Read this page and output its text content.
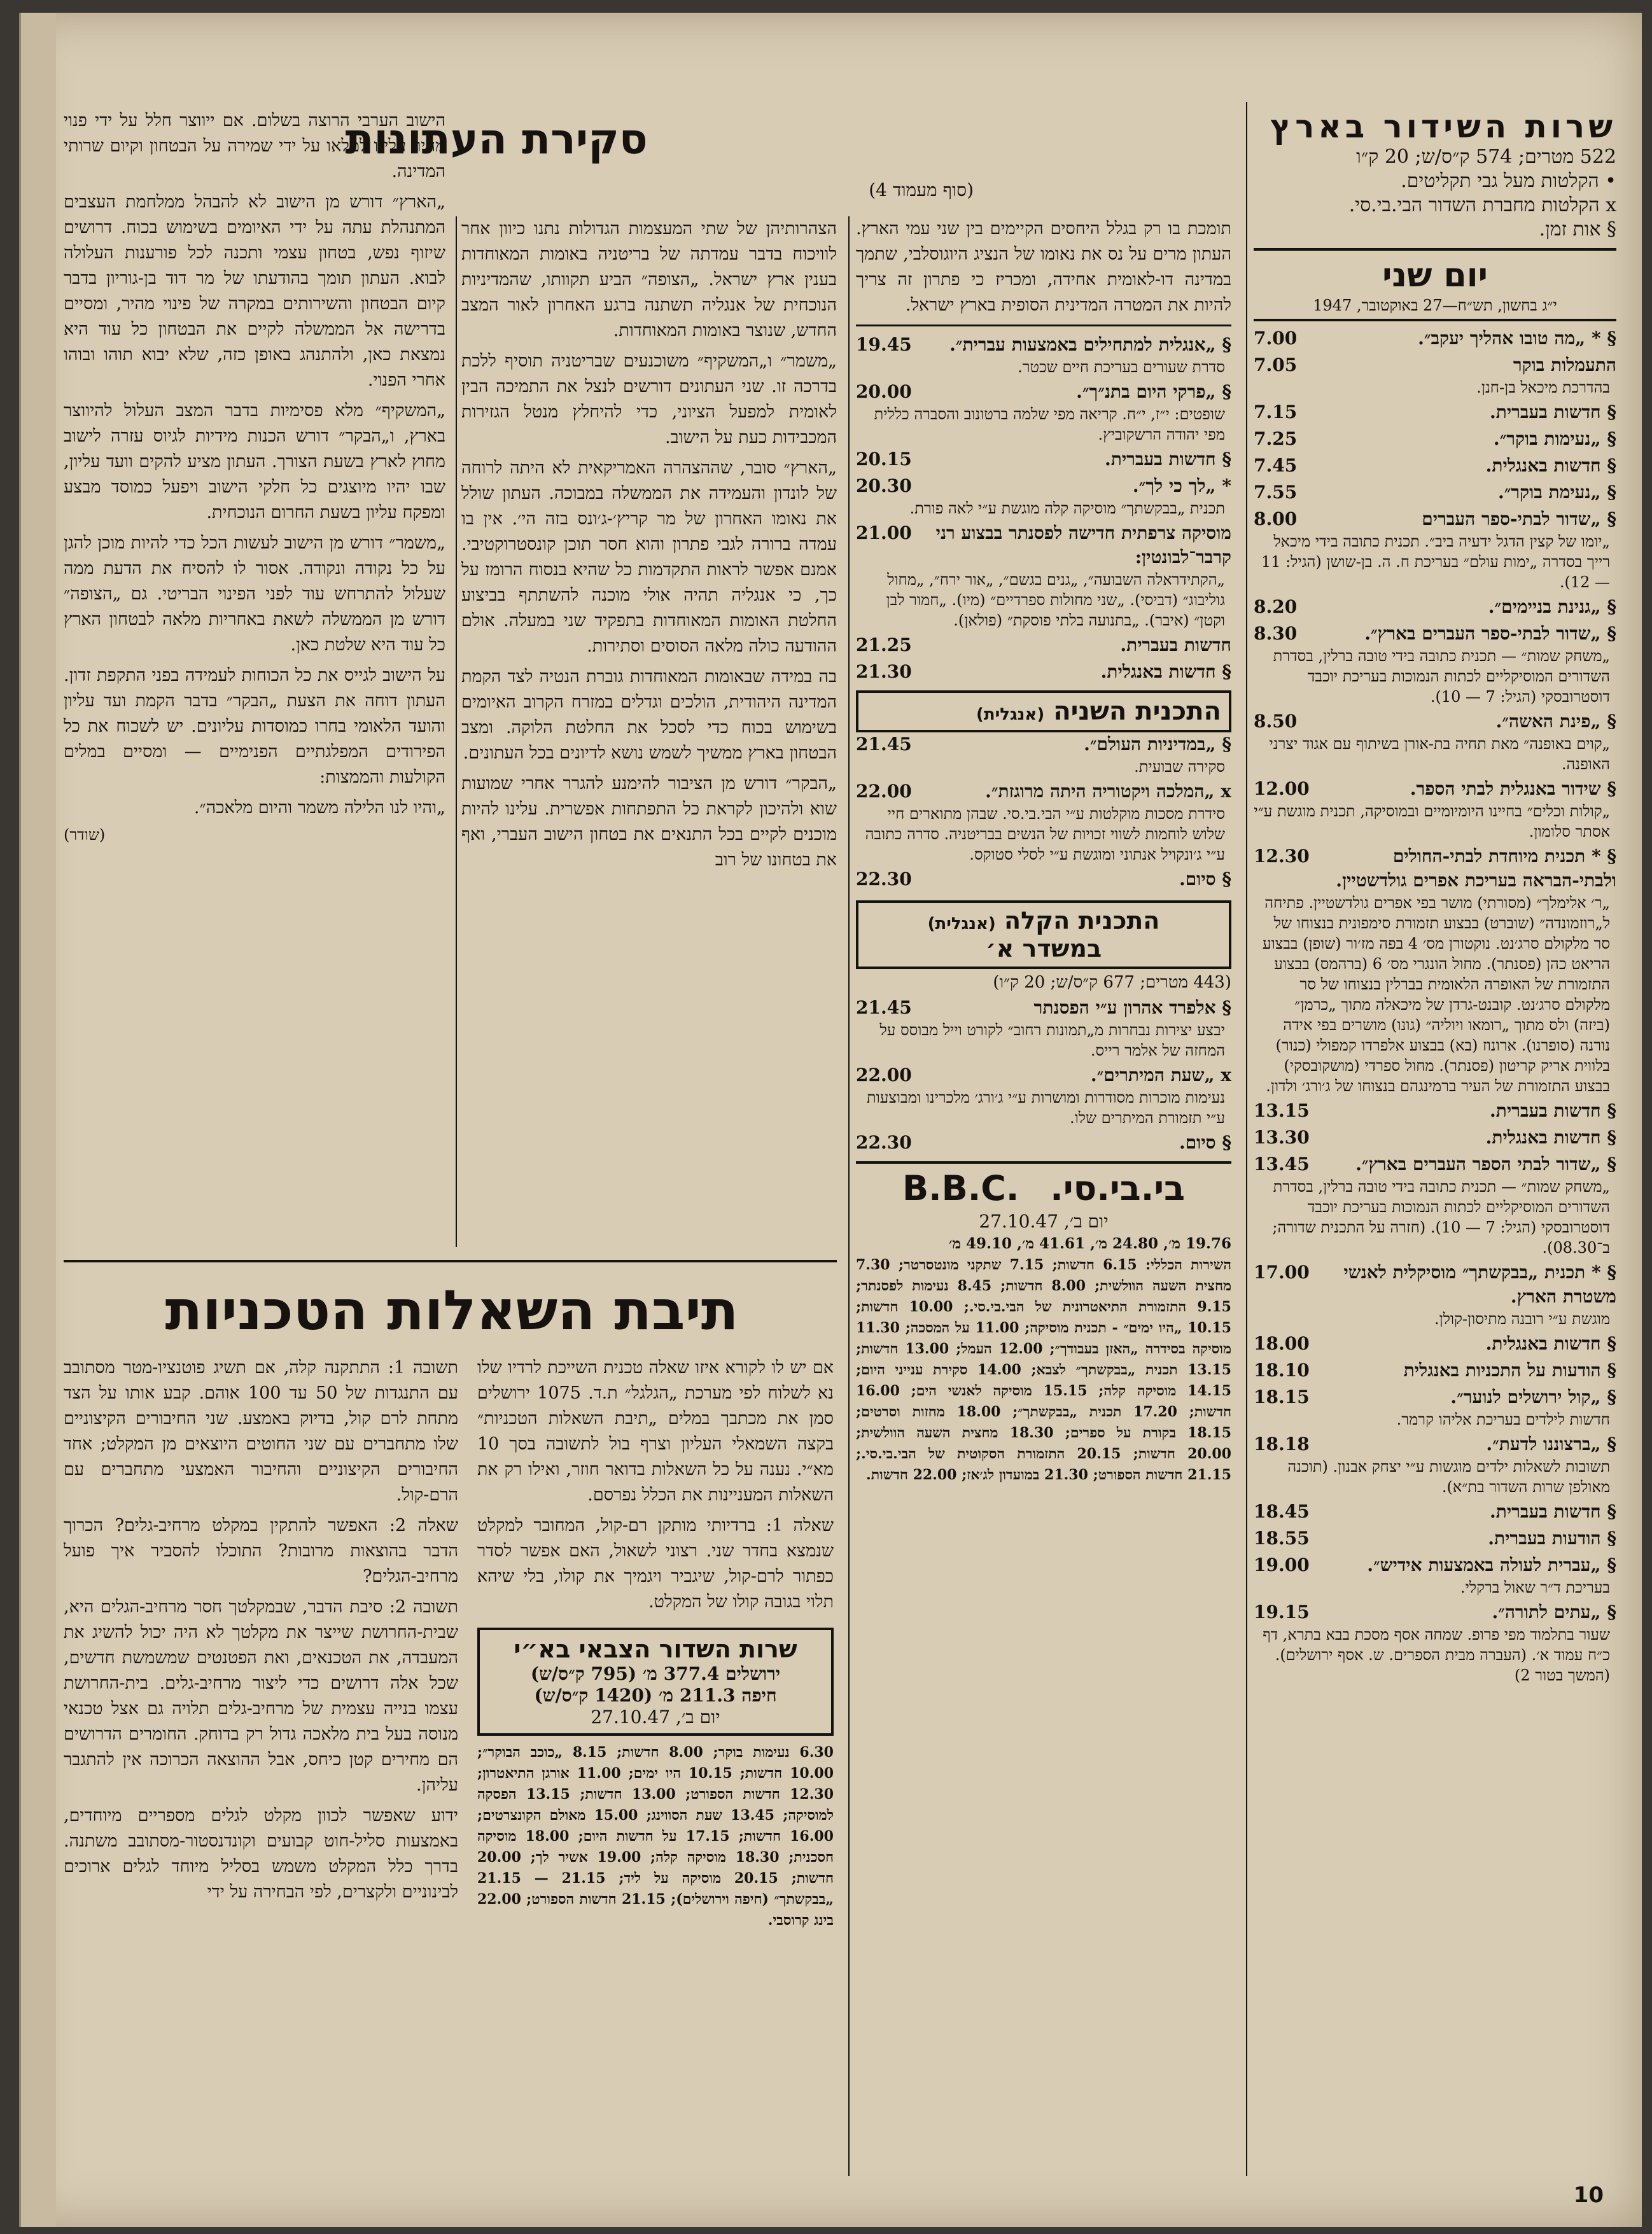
שרות השידור בארץ
522 מטרים; 574 ק״ס/ש; 20 ק״ו
• הקלטות מעל גבי תקליטים.
x הקלטות מחברת השדור הבי.בי.סי.
§ אות זמן.
יום שני
י״ג בחשון, תש״ח—27 באוקטובר, 1947
7.00	§ * „מה טובו אהליך יעקב״.
7.05	התעמלות בוקר
בהדרכת מיכאל בן-חנן.
7.15	§ חדשות בעברית.
7.25	§ „נעימות בוקר״.
7.45	§ חדשות באנגלית.
7.55	§ „נעימת בוקר״.
8.00	§ „שדור לבתי-ספר העברים
„יומו של קצין הדגל ידעיה ביב״. תכנית כתובה בידי מיכאל רייך בסדרה „ימות עולם״ בעריכת ח. ה. בן-שושן (הגיל: 11 — 12).
8.20	§ „גנינת בניימים״.
8.30	§ „שדור לבתי-ספר העברים בארץ״.
„משחק שמות״ — תכנית כתובה בידי טובה ברלין, בסדרת השדורים המוסיקליים לכתות הנמוכות בעריכת יוכבד דוסטרובסקי (הגיל: 7 — 10).
8.50	§ „פינת האשה״.
„קוים באופנה״ מאת תחיה בת-אורן בשיתוף עם אגוד יצרני האופנה.
12.00	§ שידור באנגלית לבתי הספר.
„קולות וכלים״ בחיינו היומיומיים ובמוסיקה, תכנית מוגשת ע״י אסתר סלומון.
12.30	§ * תכנית מיוחדת לבתי-החולים ולבתי-הבראה בעריכת אפרים גולדשטיין.
„ר׳ אלימלך״ (מסורתי) מושר בפי אפרים גולדשטיין. פתיחה ל„רוזמונדה״ (שוברט) בבצוע תזמורת סימפונית בנצוחו של סר מלקולם סרג׳נט. נוקטורן מס׳ 4 בפה מז׳ור (שופן) בבצוע הריאט כהן (פסנתר). מחול הונגרי מס׳ 6 (ברהמס) בבצוע התזמורת של האופרה הלאומית בברלין בנצוחו של סר מלקולם סרג׳נט. קובנט-גרדן של מיכאלה מתוך „כרמן״ (ביזה) ולס מתוך „רומאו ויוליה״ (גונו) מושרים בפי אידה נורנה (סופרנו). ארונוז (בא) בבצוע אלפרדו קמפולי (כנור) בלווית אריק קריטון (פסנתר). מחול ספרדי (מושקובסקי) בבצוע התזמורת של העיר ברמינגהם בנצוחו של ג׳ורג׳ ולדון.
13.15	§ חדשות בעברית.
13.30	§ חדשות באנגלית.
13.45	§ „שדור לבתי הספר העברים בארץ״.
„משחק שמות״ — תכנית כתובה בידי טובה ברלין, בסדרת השדורים המוסיקליים לכתות הנמוכות בעריכת יוכבד דוסטרובסקי (הגיל: 7 — 10). (חזרה על התכנית שדורה; ב־08.30).
17.00 § * תכנית „בבקשתך״ מוסיקלית לאנשי משטרת הארץ.
מוגשת ע״י רובנה מתיסון-קולן.
18.00	§ חדשות באנגלית.
18.10	§ הודעות על התכניות באנגלית
18.15	§ „קול ירושלים לנוער״.
חדשות לילדים בעריכת אליהו קרמר.
18.18	§ „ברצוננו לדעת״.
תשובות לשאלות ילדים מוגשות ע״י יצחק אבנון. (תוכנה מאולפן שרות השדור בת״א).
18.45	§ חדשות בעברית.
18.55	§ הודעות בעברית.
19.00	§ „עברית לעולה באמצעות אידיש״.
בעריכת ד״ר שאול ברקלי.
19.15	§ „עתים לתורה״.
שעור בתלמוד מפי פרופ. שמחה אסף מסכת בבא בתרא, דף כ״ח עמוד א׳. (העברה מבית הספרים. ש. אסף ירושלים). (המשך בטור 2)
סקירת העתונות
(סוף מעמוד 4)

תומכת בו רק בגלל היחסים הקיימים בין שני עמי הארץ. העתון מרים על נס את נאומו של הנציג היוגוסלבי, שתמך במדינה דו-לאומית אחידה, ומכריז כי פתרון זה צריך להיות את המטרה המדינית הסופית בארץ ישראל.

19.45 § „אנגלית למתחילים באמצעות עברית״.
סדרת שעורים בעריכת חיים שכטר.
20.00	§ „פרקי היום בתנ״ך״.
שופטים: י״ז, י״ח. קריאה מפי שלמה ברטונוב והסברה כללית מפי יהודה הרשקוביץ.
20.15	§ חדשות בעברית.
20.30	* „לך כי לך״.
תכנית „בבקשתך״ מוסיקה קלה מוגשת ע״י לאה פורת.
21.00 מוסיקה צרפתית חדישה לפסנתר בבצוע רני קרבר־לבונטין:
„הקתידראלה השבועה״, „גנים בגשם״, „אור ירח״, „מחול גוליבוג״ (דביסי). „שני מחולות ספרדיים״ (מיו). „חמור לבן וקטן״ (איבר). „בתנועה בלתי פוסקת״ (פולאן).
21.25	חדשות בעברית.
21.30	§ חדשות באנגלית.
התכנית השניה (אנגלית)
21.45	§ „במדיניות העולם״.
סקירה שבועית.
22.00	x „המלכה ויקטוריה היתה מרוגזת״.
סידרת מסכות מוקלטות ע״י הבי.בי.סי. שבהן מתוארים חיי שלוש לוחמות לשווי זכויות של הנשים בבריטניה. סדרה כתובה ע״י ג׳ונקויל אנתוני ומוגשת ע״י לסלי סטוקס.
22.30	§ סיום.
התכנית הקלה (אנגלית)
במשדר א׳
(443 מטרים; 677 ק״ס/ש; 20 ק״ו)
21.45	§ אלפרד אהרון ע״י הפסנתר
יבצע יצירות נבחרות מ„תמונות רחוב״ לקורט וייל מבוסס על המחזה של אלמר רייס.
22.00	x „שעת המיתרים״.
נעימות מוכרות מסודרות ומושרות ע״י ג׳ורג׳ מלכרינו ומבוצעות ע״י תזמורת המיתרים שלו.
22.30	§ סיום.
בי.בי.סי. B.B.C.
יום ב׳, 27.10.47
19.76 מ׳, 24.80 מ׳, 41.61 מ׳, 49.10 מ׳

השירות הכללי: 6.15 חדשות; 7.15 שתקני מונטסרטר; 7.30 מחצית השעה הוולשית; 8.00 חדשות; 8.45 נעימות לפסנתר; 9.15 התזמורת התיאטרונית של הבי.בי.סי.; 10.00 חדשות; 10.15 „היו ימים״ - תכנית מוסיקה; 11.00 על המסכה; 11.30 מוסיקה בסידרה „האזן בעבודך״; 12.00 העמל; 13.00 חדשות; 13.15 תכנית „בבקשתך״ לצבא; 14.00 סקירת ענייני היום; 14.15 מוסיקה קלה; 15.15 מוסיקה לאנשי הים; 16.00 חדשות; 17.20 תכנית „בבקשתך״; 18.00 מחזות וסרטים; 18.15 בקורת על ספרים; 18.30 מחצית השעה הוולשית; 20.00 חדשות; 20.15 התזמורת הסקוטית של הבי.בי.סי.; 21.15 חדשות הספורט; 21.30 במועדון לג׳אז; 22.00 חדשות.

הצהרותיהן של שתי המעצמות הגדולות נתנו כיוון אחר לוויכוח בדבר עמדתה של בריטניה באומות המאוחדות בענין ארץ ישראל. „הצופה״ הביע תקוותו, שהמדיניות הנוכחית של אנגליה תשתנה ברגע האחרון לאור המצב החדש, שנוצר באומות המאוחדות.

„משמר״ ו„המשקיף״ משוכנעים שבריטניה תוסיף ללכת בדרכה זו. שני העתונים דורשים לנצל את התמיכה הבין לאומית למפעל הציוני, כדי להיחלץ מנטל הגזירות המכבידות כעת על הישוב.

„הארץ״ סובר, שההצהרה האמריקאית לא היתה לרוחה של לונדון והעמידה את הממשלה במבוכה. העתון שולל את נאומו האחרון של מר קריץ׳-ג׳ונס בזה הי׳. אין בו עמדה ברורה לגבי פתרון והוא חסר תוכן קונסטרוקטיבי. אמנם אפשר לראות התקדמות כל שהיא בנסוח הרומז על כך, כי אנגליה תהיה אולי מוכנה להשתתף בביצוע החלטת האומות המאוחדות בתפקיד שני במעלה. אולם ההודעה כולה מלאה הסוסים וסתירות.

בה במידה שבאומות המאוחדות גוברת הנטיה לצד הקמת המדינה היהודית, הולכים וגדלים במזרח הקרוב האיומים בשימוש בכוח כדי לסכל את החלטת הלוקה. ומצב הבטחון בארץ ממשיך לשמש נושא לדיונים בכל העתונים.

„הבקר״ דורש מן הציבור להימנע להגרר אחרי שמועות שוא ולהיכון לקראת כל התפתחות אפשרית. עלינו להיות מוכנים לקיים בכל התנאים את בטחון הישוב העברי, ואף את בטחונו של רוב

הישוב הערבי הרוצה בשלום. אם ייווצר חלל על ידי פנוי מהיר עלינו למלאו על ידי שמירה על הבטחון וקיום שרותי המדינה.

„הארץ״ דורש מן הישוב לא להבהל ממלחמת העצבים המתנהלת עתה על ידי האיומים בשימוש בכוח. דרושים שיזוף נפש, בטחון עצמי ותכנה לכל פורענות העלולה לבוא. העתון תומך בהודעתו של מר דוד בן-גוריון בדבר קיום הבטחון והשירותים במקרה של פינוי מהיר, ומסיים בדרישה אל הממשלה לקיים את הבטחון כל עוד היא נמצאת כאן, ולהתנהג באופן כזה, שלא יבוא תוהו ובוהו אחרי הפנוי.

„המשקיף״ מלא פסימיות בדבר המצב העלול להיווצר בארץ, ו„הבקר״ דורש הכנות מידיות לגיוס עזרה לישוב מחוץ לארץ בשעת הצורך. העתון מציע להקים וועד עליון, שבו יהיו מיוצגים כל חלקי הישוב ויפעל כמוסד מבצע ומפקח עליון בשעת החרום הנוכחית.

„משמר״ דורש מן הישוב לעשות הכל כדי להיות מוכן להגן על כל נקודה ונקודה. אסור לו להסיח את הדעת ממה שעלול להתרחש עוד לפני הפינוי הבריטי. גם „הצופה״ דורש מן הממשלה לשאת באחריות מלאה לבטחון הארץ כל עוד היא שלטת כאן.

על הישוב לגייס את כל הכוחות לעמידה בפני התקפת זדון. העתון דוחה את הצעת „הבקר״ בדבר הקמת ועד עליון והועד הלאומי בחרו כמוסדות עליונים. יש לשכוח את כל הפירודים המפלגתיים הפנימיים — ומסיים במלים הקולעות והממצות:

„והיו לנו הלילה משמר והיום מלאכה״.

(שודר)
תיבת השאלות הטכניות

אם יש לו לקורא איזו שאלה טכנית השייכת לרדיו שלו נא לשלוח לפי מערכת „הגלגל״ ת.ד. 1075 ירושלים סמן את מכתבך במלים „תיבת השאלות הטכניות״ בקצה השמאלי העליון וצרף בול לתשובה בסך 10 מא״י. נענה על כל השאלות בדואר חוזר, ואילו רק את השאלות המעניינות את הכלל נפרסם.

שאלה 1: ברדיותי מותקן רם-קול, המחובר למקלט שנמצא בחדר שני. רצוני לשאול, האם אפשר לסדר כפתור לרם-קול, שיגביר ויגמיך את קולו, בלי שיהא תלוי בגובה קולו של המקלט.

שרות השדור הצבאי בא״י
ירושלים 377.4 מ׳ (795 ק״ס/ש)
חיפה 211.3 מ׳ (1420 ק״ס/ש)
יום ב׳, 27.10.47

6.30 נעימות בוקר; 8.00 חדשות; 8.15 „כוכב הבוקר״; 10.00 חדשות; 10.15 היו ימים; 11.00 אורגן התיאטרון; 12.30 חדשות הספורט; 13.00 חדשות; 13.15 הפסקה למוסיקה; 13.45 שעת הסווינג; 15.00 מאולם הקונצרטים; 16.00 חדשות; 17.15 על חדשות היום; 18.00 מוסיקה חסכנית; 18.30 מוסיקה קלה; 19.00 אשיר לך; 20.00 חדשות; 20.15 מוסיקה על ליד; 21.15 — 21.15 „בבקשתך״ (חיפה וירושלים); 21.15 חדשות הספורט; 22.00 בינג קרוסבי.

תשובה 1: התתקנה קלה, אם תשיג פוטנציו-מטר מסתובב עם התנגדות של 50 עד 100 אוהם. קבע אותו על הצד מתחת לרם קול, בדיוק באמצע. שני החיבורים הקיצוניים שלו מתחברים עם שני החוטים היוצאים מן המקלט; אחד החיבורים הקיצוניים והחיבור האמצעי מתחברים עם הרם-קול.

שאלה 2: האפשר להתקין במקלט מרחיב-גלים? הכרוך הדבר בהוצאות מרובות? התוכלו להסביר איך פועל מרחיב-הגלים?

תשובה 2: סיבת הדבר, שבמקלטך חסר מרחיב-הגלים היא, שבית-החרושת שייצר את מקלטך לא היה יכול להשיג את המעבדה, את הטכנאים, ואת הפטנטים שמשמשת חדשים, שכל אלה דרושים כדי ליצור מרחיב-גלים. בית-החרושת עצמו בנייה עצמית של מרחיב-גלים תלויה גם אצל טכנאי מנוסה בעל בית מלאכה גדול רק בדוחק. החומרים הדרושים הם מחירים קטן כיחס, אבל ההוצאה הכרוכה אין להתגבר עליהן.

ידוע שאפשר לכוון מקלט לגלים מספריים מיוחדים, באמצעות סליל-חוט קבועים וקונדנסטור-מסתובב משתנה. בדרך כלל המקלט משמש בסליל מיוחד לגלים ארוכים לבינוניים ולקצרים, לפי הבחירה על ידי

10
